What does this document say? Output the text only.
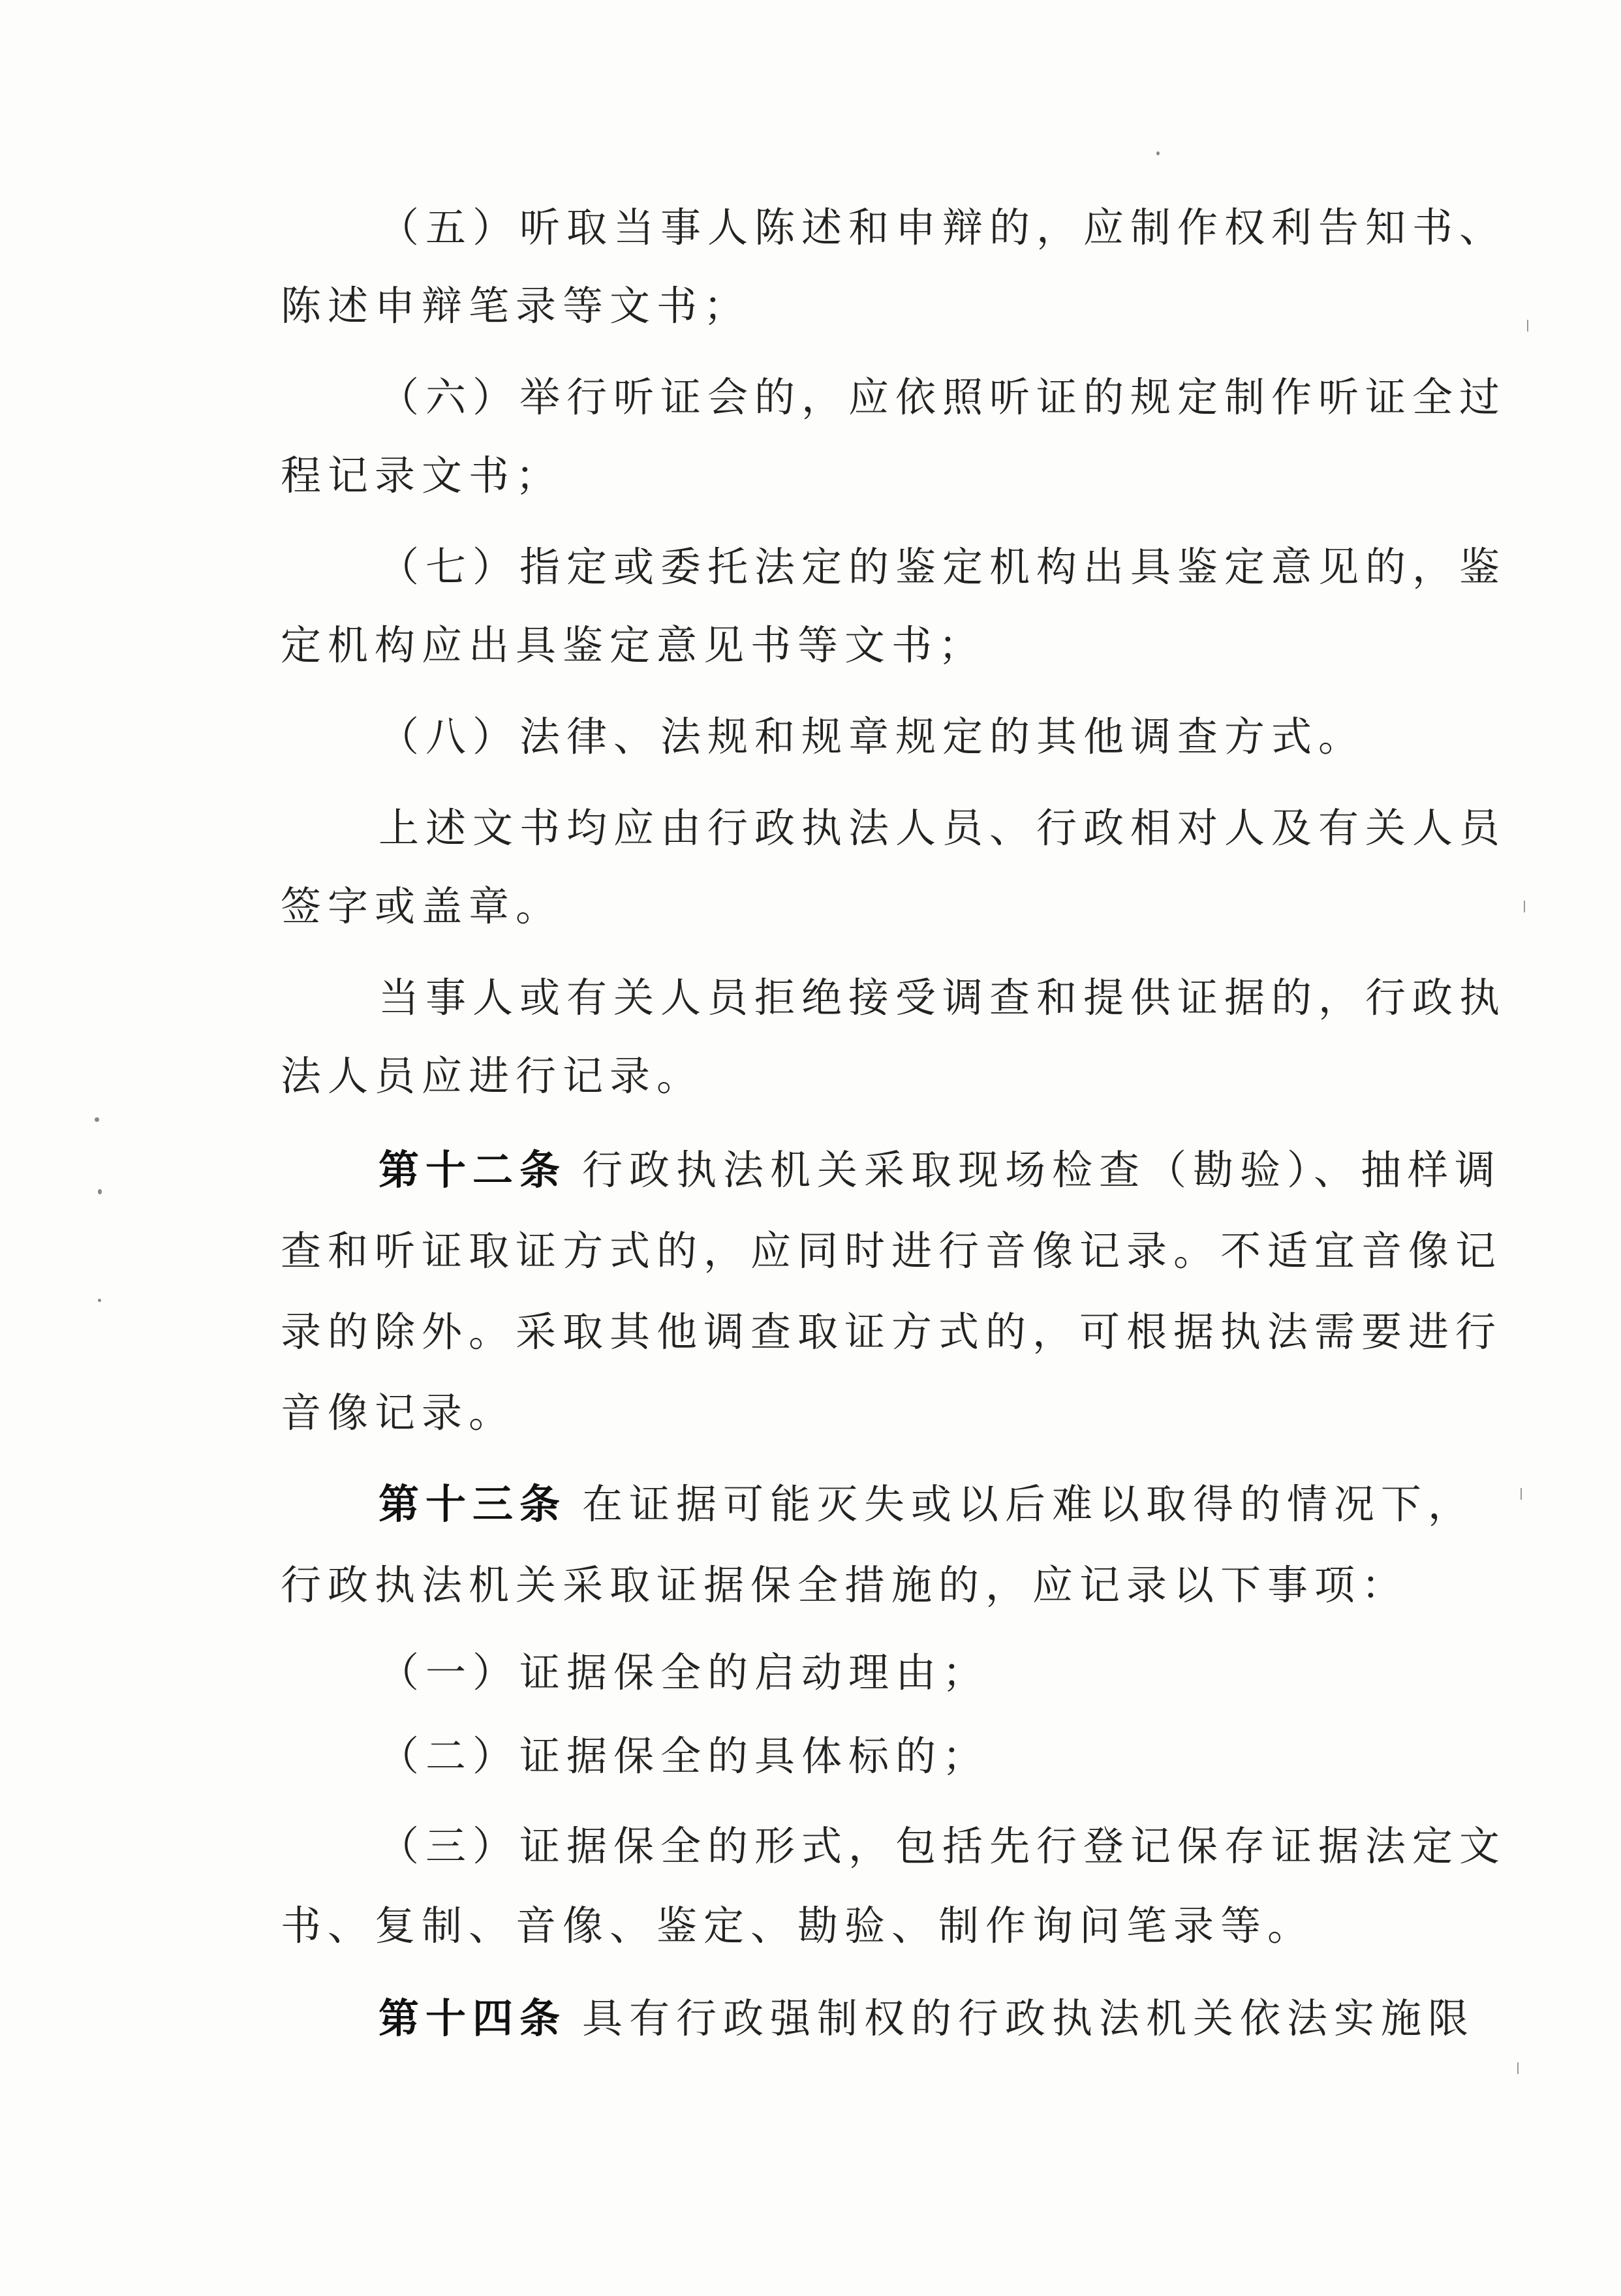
（五）听取当事人陈述和申辩的，应制作权利告知书、
陈述申辩笔录等文书；
（六）举行听证会的，应依照听证的规定制作听证全过
程记录文书；
（七）指定或委托法定的鉴定机构出具鉴定意见的，鉴
定机构应出具鉴定意见书等文书；
（八）法律、法规和规章规定的其他调查方式。
上述文书均应由行政执法人员、行政相对人及有关人员
签字或盖章。
当事人或有关人员拒绝接受调查和提供证据的，行政执
法人员应进行记录。
第十二条 行政执法机关采取现场检查（勘验）、抽样调
查和听证取证方式的，应同时进行音像记录。不适宜音像记
录的除外。采取其他调查取证方式的，可根据执法需要进行
音像记录。
第十三条 在证据可能灭失或以后难以取得的情况下，
行政执法机关采取证据保全措施的，应记录以下事项：
（一）证据保全的启动理由；
（二）证据保全的具体标的；
（三）证据保全的形式，包括先行登记保存证据法定文
书、复制、音像、鉴定、勘验、制作询问笔录等。
第十四条 具有行政强制权的行政执法机关依法实施限
